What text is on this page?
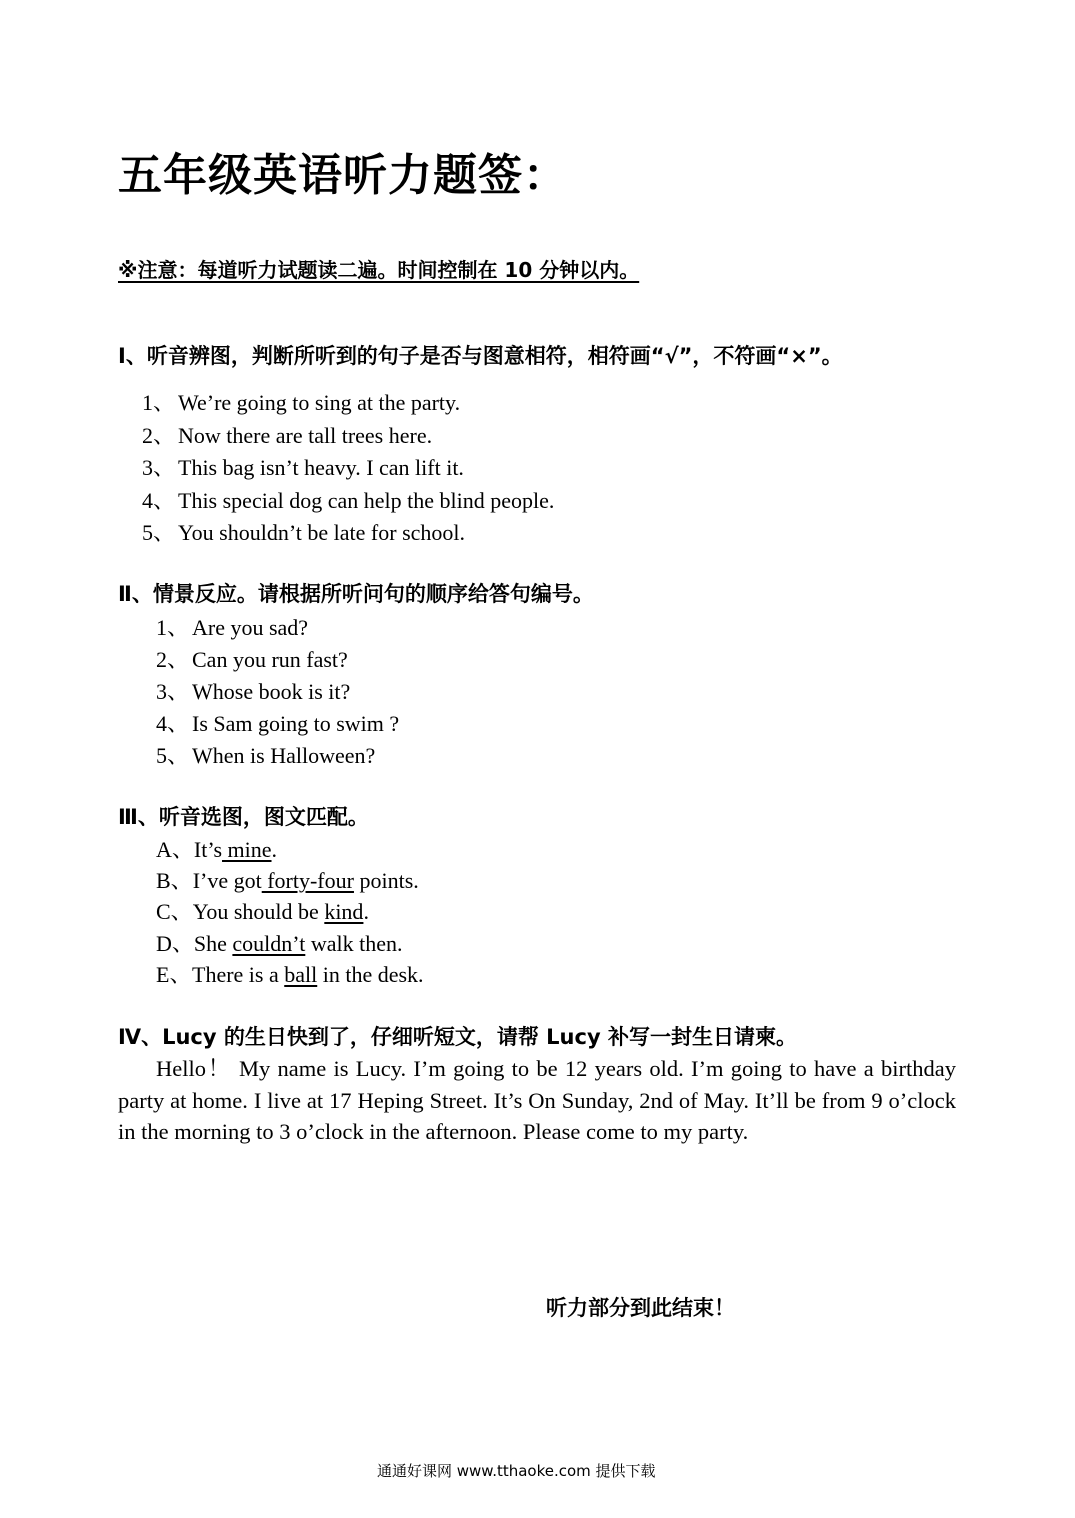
五年级英语听力题签：
※注意：每道听力试题读二遍。时间控制在 10 分钟以内。
Ⅰ、听音辨图，判断所听到的句子是否与图意相符，相符画“√”，不符画“×”。
1、 We’re going to sing at the party.
2、 Now there are tall trees here.
3、 This bag isn’t heavy. I can lift it.
4、 This special dog can help the blind people.
5、 You shouldn’t be late for school.
Ⅱ、情景反应。请根据所听问句的顺序给答句编号。
1、 Are you sad?
2、 Can you run fast?
3、 Whose book is it?
4、 Is Sam going to swim ?
5、 When is Halloween?
Ⅲ、听音选图，图文匹配。
A、It’s mine.
B、I’ve got forty-four points.
C、You should be kind.
D、She couldn’t walk then.
E、There is a ball in the desk.
Ⅳ、Lucy 的生日快到了，仔细听短文，请帮 Lucy 补写一封生日请柬。
Hello！ My name is Lucy. I’m going to be 12 years old. I’m going to have a birthday party at home. I live at 17 Heping Street. It’s On Sunday, 2nd of May. It’ll be from 9 o’clock in the morning to 3 o’clock in the afternoon. Please come to my party.
听力部分到此结束！
通通好课网 www.tthaoke.com 提供下载
